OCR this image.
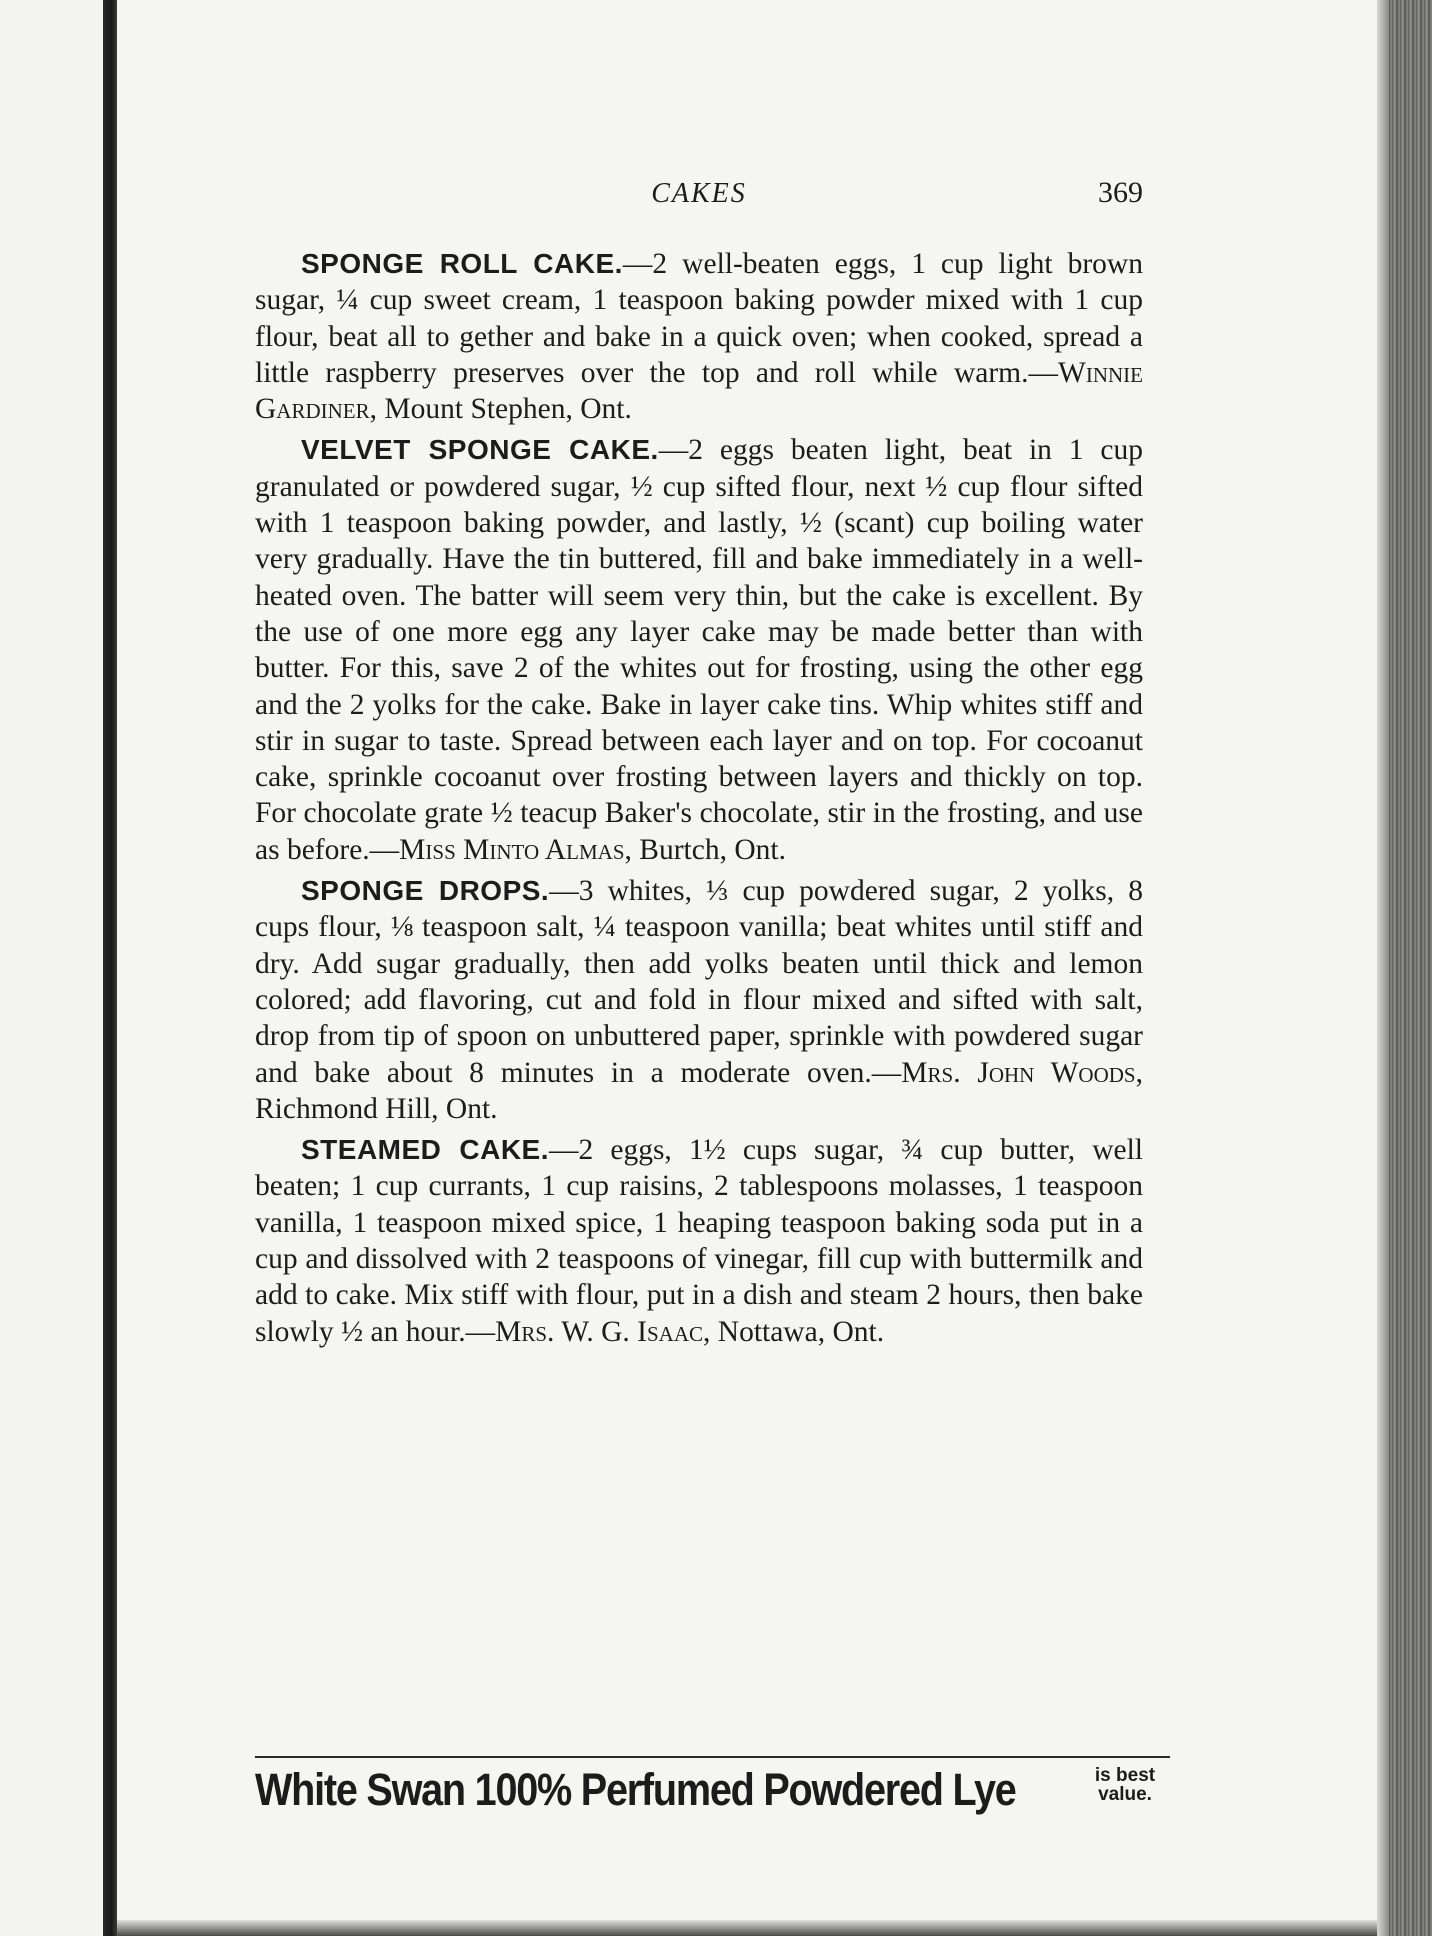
CAKES	369

SPONGE ROLL CAKE.—2 well-beaten eggs, 1 cup light brown sugar, ¼ cup sweet cream, 1 teaspoon baking powder mixed with 1 cup flour, beat all to gether and bake in a quick oven; when cooked, spread a little raspberry preserves over the top and roll while warm.—Winnie Gardiner, Mount Stephen, Ont.

VELVET SPONGE CAKE.—2 eggs beaten light, beat in 1 cup granulated or powdered sugar, ½ cup sifted flour, next ½ cup flour sifted with 1 teaspoon baking powder, and lastly, ½ (scant) cup boiling water very gradually. Have the tin buttered, fill and bake immediately in a well-heated oven. The batter will seem very thin, but the cake is excellent. By the use of one more egg any layer cake may be made better than with butter. For this, save 2 of the whites out for frosting, using the other egg and the 2 yolks for the cake. Bake in layer cake tins. Whip whites stiff and stir in sugar to taste. Spread between each layer and on top. For cocoanut cake, sprinkle cocoanut over frosting between layers and thickly on top. For chocolate grate ½ teacup Baker's chocolate, stir in the frosting, and use as before.—Miss Minto Almas, Burtch, Ont.

SPONGE DROPS.—3 whites, ⅓ cup powdered sugar, 2 yolks, 8 cups flour, ⅛ teaspoon salt, ¼ teaspoon vanilla; beat whites until stiff and dry. Add sugar gradually, then add yolks beaten until thick and lemon colored; add flavoring, cut and fold in flour mixed and sifted with salt, drop from tip of spoon on unbuttered paper, sprinkle with powdered sugar and bake about 8 minutes in a moderate oven.—Mrs. John Woods, Richmond Hill, Ont.

STEAMED CAKE.—2 eggs, 1½ cups sugar, ¾ cup butter, well beaten; 1 cup currants, 1 cup raisins, 2 tablespoons molasses, 1 teaspoon vanilla, 1 teaspoon mixed spice, 1 heaping teaspoon baking soda put in a cup and dissolved with 2 teaspoons of vinegar, fill cup with buttermilk and add to cake. Mix stiff with flour, put in a dish and steam 2 hours, then bake slowly ½ an hour.—Mrs. W. G. Isaac, Nottawa, Ont.

White Swan 100% Perfumed Powdered Lye	is best
value.
